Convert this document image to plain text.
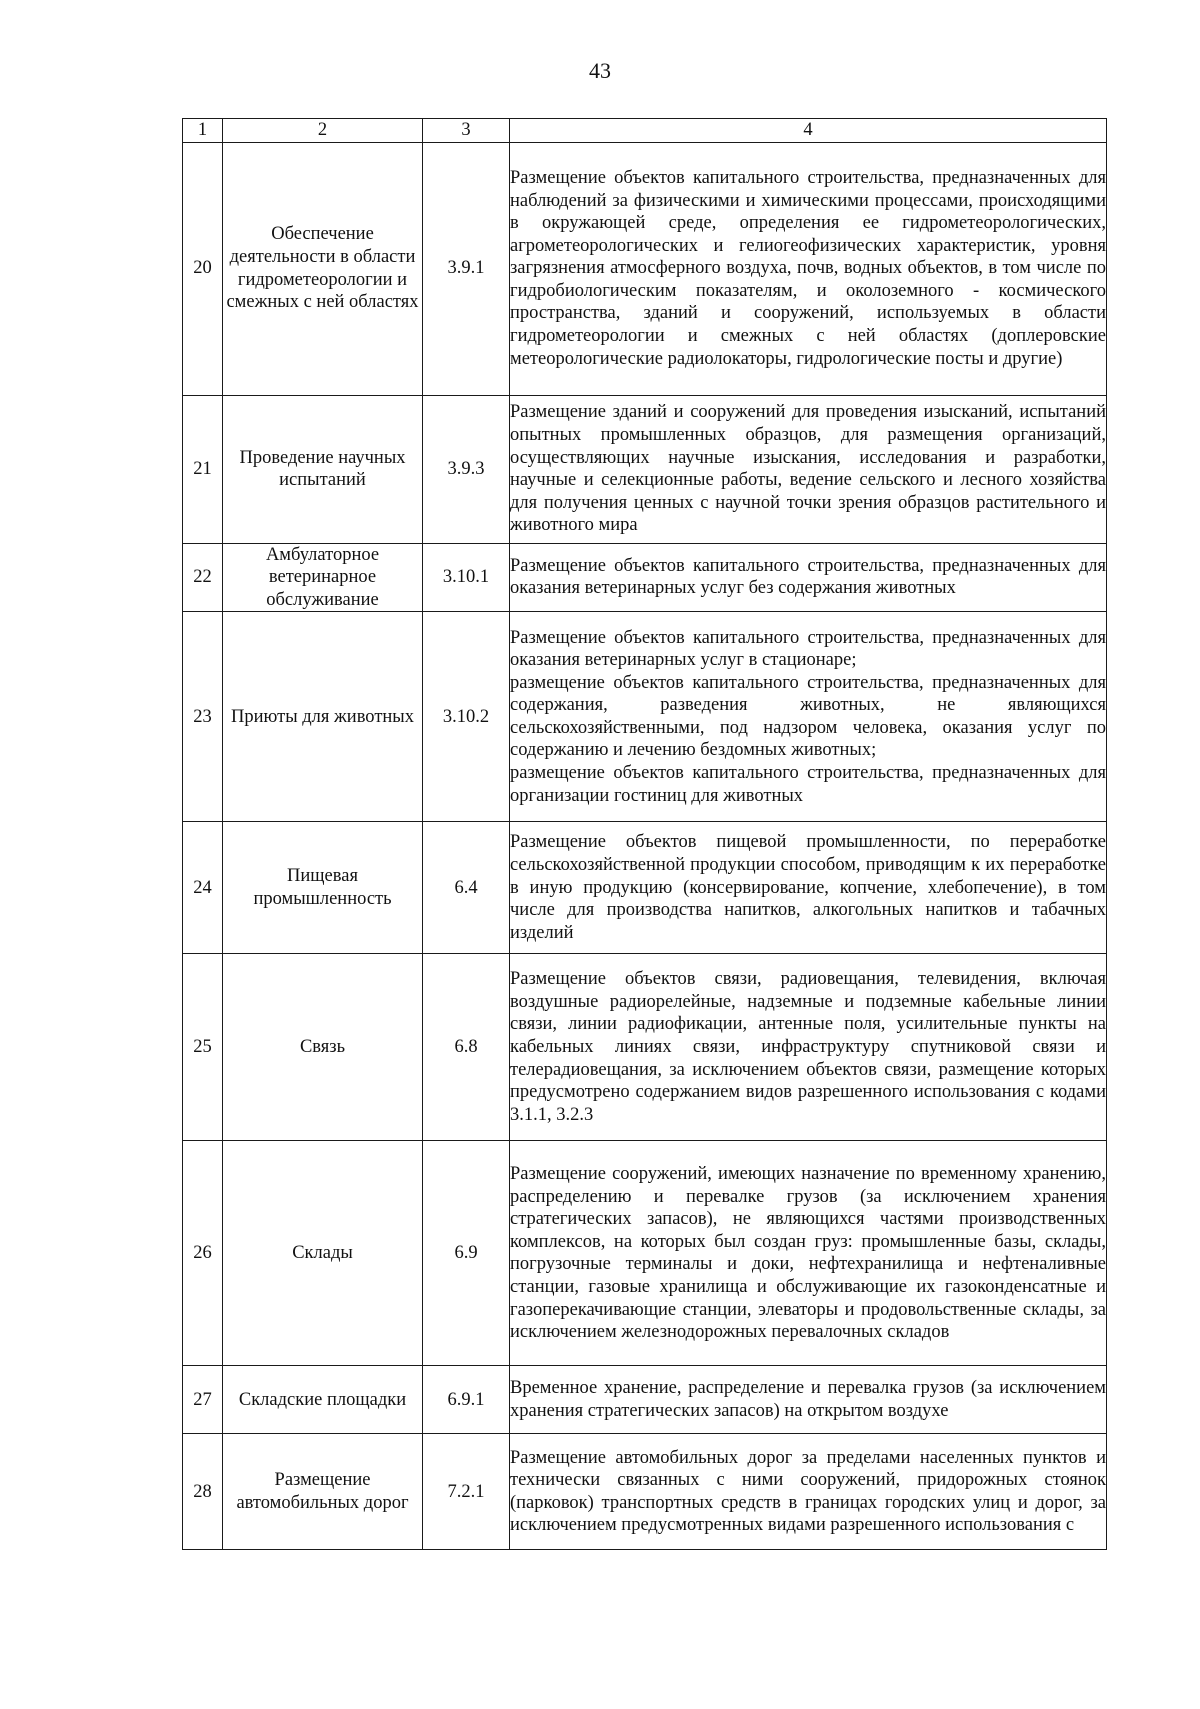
43
1	2	3	4
20	Обеспечение деятельности в области гидрометеорологии и смежных с ней областях	3.9.1	Размещение объектов капитального строительства, предназначенных для наблюдений за физическими и химическими процессами, происходящими в окружающей среде, определения ее гидрометеорологических, агрометеорологических и гелиогеофизических характеристик, уровня загрязнения атмосферного воздуха, почв, водных объектов, в том числе по гидробиологическим показателям, и околоземного - космического пространства, зданий и сооружений, используемых в области гидрометеорологии и смежных с ней областях (доплеровские метеорологические радиолокаторы, гидрологические посты и другие)
21	Проведение научных испытаний	3.9.3	Размещение зданий и сооружений для проведения изысканий, испытаний опытных промышленных образцов, для размещения организаций, осуществляющих научные изыскания, исследования и разработки, научные и селекционные работы, ведение сельского и лесного хозяйства для получения ценных с научной точки зрения образцов растительного и животного мира
22	Амбулаторное ветеринарное обслуживание	3.10.1	Размещение объектов капитального строительства, предназначенных для оказания ветеринарных услуг без содержания животных
23	Приюты для животных	3.10.2	Размещение объектов капитального строительства, предназначенных для оказания ветеринарных услуг в стационаре;
размещение объектов капитального строительства, предназначенных для содержания, разведения животных, не являющихся сельскохозяйственными, под надзором человека, оказания услуг по содержанию и лечению бездомных животных;
размещение объектов капитального строительства, предназначенных для организации гостиниц для животных

24	Пищевая промышленность	6.4	Размещение объектов пищевой промышленности, по переработке сельскохозяйственной продукции способом, приводящим к их переработке в иную продукцию (консервирование, копчение, хлебопечение), в том числе для производства напитков, алкогольных напитков и табачных изделий
25	Связь	6.8	Размещение объектов связи, радиовещания, телевидения, включая воздушные радиорелейные, надземные и подземные кабельные линии связи, линии радиофикации, антенные поля, усилительные пункты на кабельных линиях связи, инфраструктуру спутниковой связи и телерадиовещания, за исключением объектов связи, размещение которых предусмотрено содержанием видов разрешенного использования с кодами 3.1.1, 3.2.3
26	Склады	6.9	Размещение сооружений, имеющих назначение по временному хранению, распределению и перевалке грузов (за исключением хранения стратегических запасов), не являющихся частями производственных комплексов, на которых был создан груз: промышленные базы, склады, погрузочные терминалы и доки, нефтехранилища и нефтеналивные станции, газовые хранилища и обслуживающие их газоконденсатные и газоперекачивающие станции, элеваторы и продовольственные склады, за исключением железнодорожных перевалочных складов
27	Складские площадки	6.9.1	Временное хранение, распределение и перевалка грузов (за исключением хранения стратегических запасов) на открытом воздухе
28	Размещение автомобильных дорог	7.2.1	Размещение автомобильных дорог за пределами населенных пунктов и технически связанных с ними сооружений, придорожных стоянок (парковок) транспортных средств в границах городских улиц и дорог, за исключением предусмотренных видами разрешенного использования с
